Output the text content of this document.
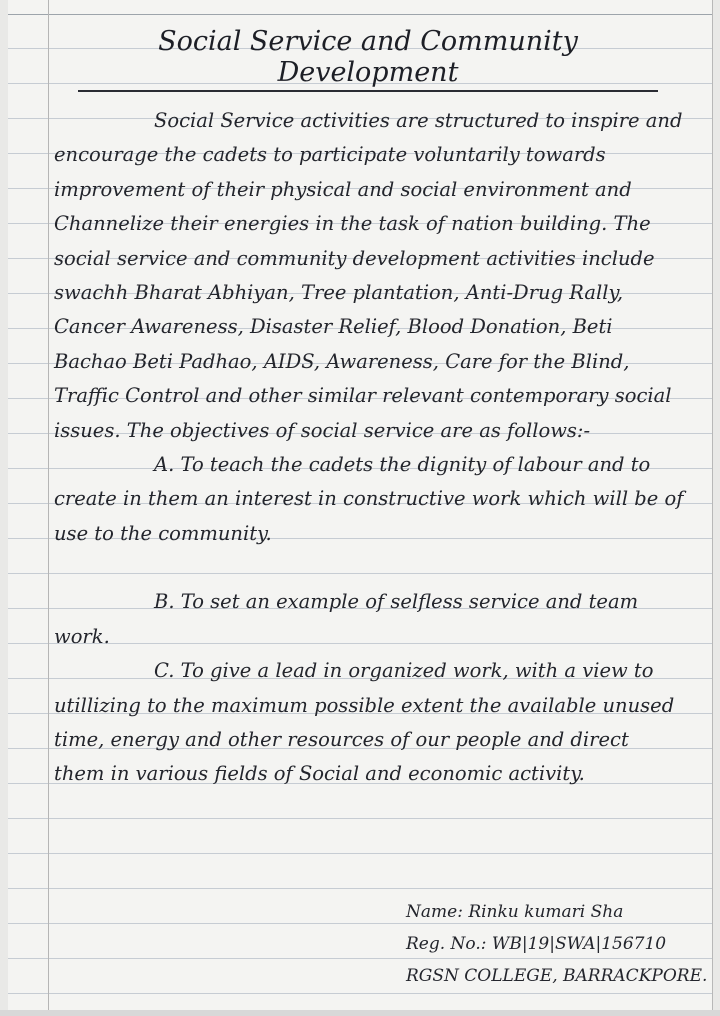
Social Service and Community Development

Social Service activities are structured to inspire and encourage the cadets to participate voluntarily towards improvement of their physical and social environment and Channelize their energies in the task of nation building. The social service and community development activities include swachh Bharat Abhiyan, Tree plantation, Anti-Drug Rally, Cancer Awareness, Disaster Relief, Blood Donation, Beti Bachao Beti Padhao, AIDS, Awareness, Care for the Blind, Traffic Control and other similar relevant contemporary social issues. The objectives of social service are as follows:-

A. To teach the cadets the dignity of labour and to create in them an interest in constructive work which will be of use to the community.

B. To set an example of selfless service and team work.

C. To give a lead in organized work, with a view to utillizing to the maximum possible extent the available unused time, energy and other resources of our people and direct them in various fields of Social and economic activity.

Name: Rinku kumari Sha
Reg. No.: WB|19|SWA|156710
RGSN COLLEGE, BARRACKPORE.
